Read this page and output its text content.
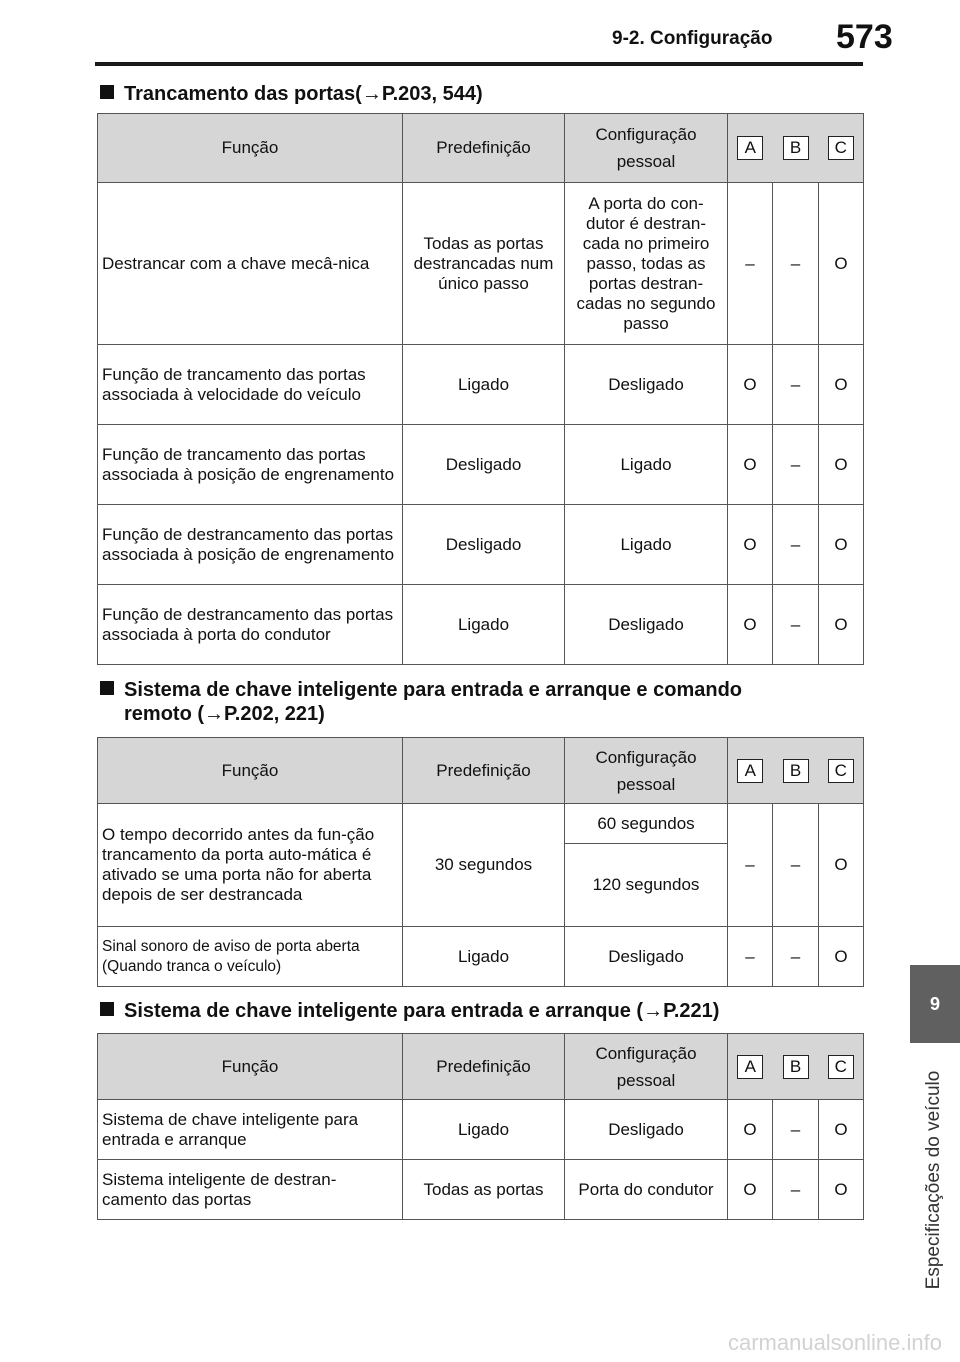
9-2. Configuração 573
9
Especificações do veículo
Trancamento das portas(→P.203, 544)
Função	Predefinição	Configuração pessoal	A	B	C
Destrancar com a chave mecâ-nica	Todas as portas destrancadas num único passo	A porta do con-dutor é destran-cada no primeiro passo, todas as portas destran-cadas no segundo passo	–	–	O
Função de trancamento das portas associada à velocidade do veículo	Ligado	Desligado	O	–	O
Função de trancamento das portas associada à posição de engrenamento	Desligado	Ligado	O	–	O
Função de destrancamento das portas associada à posição de engrenamento	Desligado	Ligado	O	–	O
Função de destrancamento das portas associada à porta do condutor	Ligado	Desligado	O	–	O
Sistema de chave inteligente para entrada e arranque e comando
remoto (→P.202, 221)
Função	Predefinição	Configuração pessoal	A	B	C
O tempo decorrido antes da fun-ção trancamento da porta auto-mática é ativado se uma porta não for aberta depois de ser destrancada	30 segundos	60 segundos	–	–	O
		120 segundos			
Sinal sonoro de aviso de porta aberta (Quando tranca o veículo)	Ligado	Desligado	–	–	O
Sistema de chave inteligente para entrada e arranque (→P.221)
Função	Predefinição	Configuração pessoal	A	B	C
Sistema de chave inteligente para entrada e arranque	Ligado	Desligado	O	–	O
Sistema inteligente de destran-camento das portas	Todas as portas	Porta do condutor	O	–	O
carmanualsonline.info
